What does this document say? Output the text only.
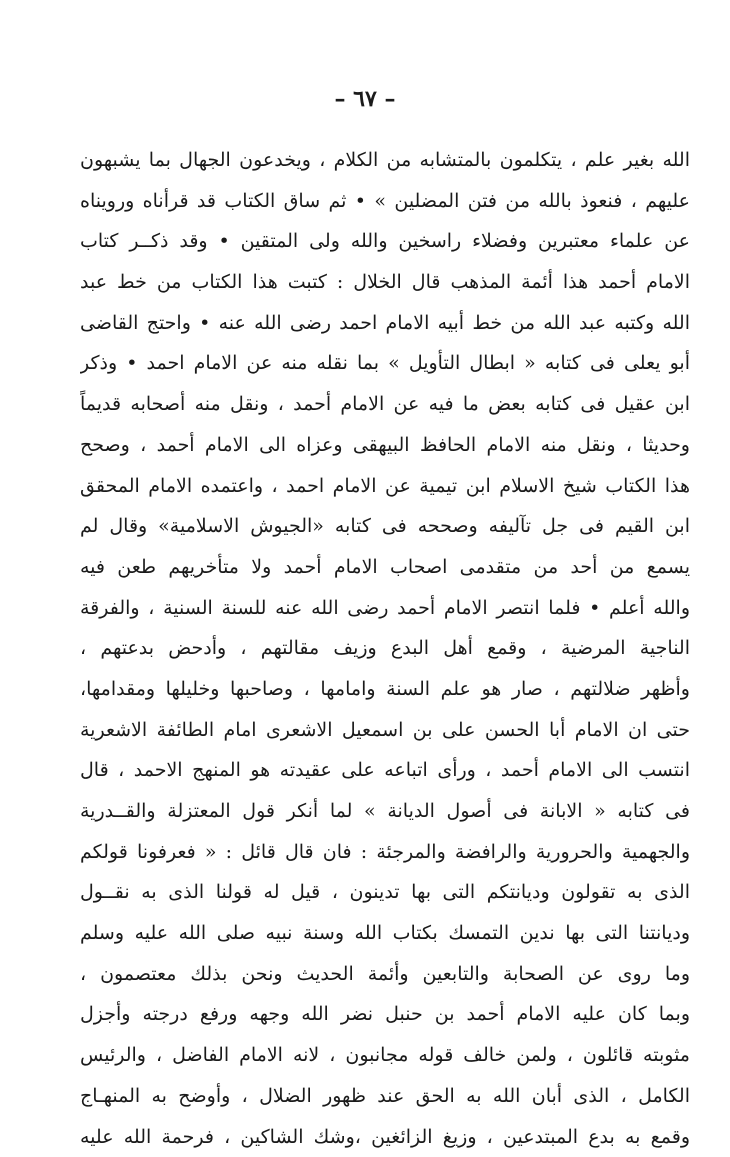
– ٦٧ –
الله بغير علم ، يتكلمون بالمتشابه من الكلام ، ويخدعون الجهال بما يشبهون
عليهم ، فنعوذ بالله من فتن المضلين » • ثم ساق الكتاب قد قرأناه ورويناه
عن علماء معتبرين وفضلاء راسخين والله ولى المتقين • وقد ذكــر كتاب
الامام أحمد هذا أئمة المذهب قال الخلال : كتبت هذا الكتاب من خط عبد
الله وكتبه عبد الله من خط أبيه الامام احمد رضى الله عنه • واحتج القاضى
أبو يعلى فى كتابه « ابطال التأويل » بما نقله منه عن الامام احمد • وذكر
ابن عقيل فى كتابه بعض ما فيه عن الامام أحمد ، ونقل منه أصحابه قديماً
وحديثا ، ونقل منه الامام الحافظ البيهقى وعزاه الى الامام أحمد ، وصحح
هذا الكتاب شيخ الاسلام ابن تيمية عن الامام احمد ، واعتمده الامام المحقق
ابن القيم فى جل تآليفه وصححه فى كتابه «الجيوش الاسلامية» وقال لم
يسمع من أحد من متقدمى اصحاب الامام أحمد ولا متأخريهم طعن فيه
والله أعلم • فلما انتصر الامام أحمد رضى الله عنه للسنة السنية ، والفرقة
الناجية المرضية ، وقمع أهل البدع وزيف مقالتهم ، وأدحض بدعتهم ،
وأظهر ضلالتهم ، صار هو علم السنة وامامها ، وصاحبها وخليلها ومقدامها،
حتى ان الامام أبا الحسن على بن اسمعيل الاشعرى امام الطائفة الاشعرية
انتسب الى الامام أحمد ، ورأى اتباعه على عقيدته هو المنهج الاحمد ، قال
فى كتابه « الابانة فى أصول الديانة » لما أنكر قول المعتزلة والقــدرية
والجهمية والحرورية والرافضة والمرجئة : فان قال قائل : « فعرفونا قولكم
الذى به تقولون وديانتكم التى بها تدينون ، قيل له قولنا الذى به نقــول
وديانتنا التى بها ندين التمسك بكتاب الله وسنة نبيه صلى الله عليه وسلم
وما روى عن الصحابة والتابعين وأئمة الحديث ونحن بذلك معتصمون ،
وبما كان عليه الامام أحمد بن حنبل نضر الله وجهه ورفع درجته وأجزل
مثوبته قائلون ، ولمن خالف قوله مجانبون ، لانه الامام الفاضل ، والرئيس
الكامل ، الذى أبان الله به الحق عند ظهور الضلال ، وأوضح به المنهـاج
وقمع به بدع المبتدعين ، وزيغ الزائغين ،وشك الشاكين ، فرحمة الله عليه
